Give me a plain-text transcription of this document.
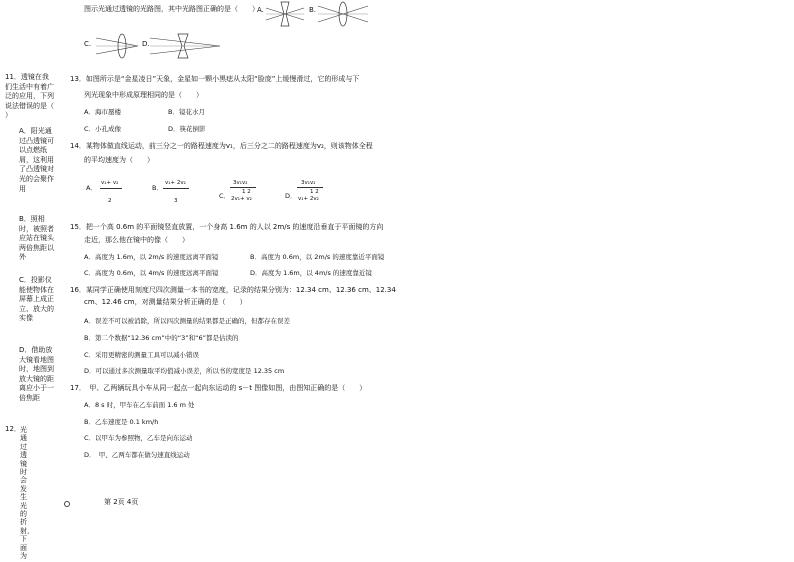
图示光通过透镜的光路图，其中光路图正确的是（　　）
A.	B.
C.	D.
11．透镜在我们生活中有着广泛的应用，下列说法错误的是（　　）
A．阳光通过凸透镜可以点燃纸屑，这利用了凸透镜对光的会聚作用
B．照相时，被照者应站在镜头两倍焦距以外
C．投影仪能使物体在屏幕上成正立、放大的实像
D．借助放大镜看地图时，地图到放大镜的距离应小于一倍焦距
12． 光通过透镜时会发生光的折射，下面为
13．如图所示是“金星凌日”天象，金星如一颗小黑痣从太阳“脸庞”上缓慢滑过，它的形成与下
列光现象中形成原理相同的是（　　）
A．海市蜃楼	B．镜花水月
C．小孔成像	D．筷花倒影
14．某物体做直线运动，前三分之一的路程速度为v₁，后三分之二的路程速度为v₂，则该物体全程
的平均速度为（　　）
A．
v₁+ v₂
2
B．
v₁+ 2v₂
3
C．
3v₁v₂
1 2
2v₁+ v₂	D．
3v₁v₂
1 2
v₁+ 2v₂
15．把一个高 0.6m 的平面镜竖直放置，一个身高 1.6m 的人以 2m/s 的速度沿垂直于平面镜的方向
走近，那么他在镜中的像（　　）
A．高度为 1.6m，以 2m/s 的速度远离平面镜	B．高度为 0.6m，以 2m/s 的速度靠近平面镜
C．高度为 0.6m，以 4m/s 的速度远离平面镜	D．高度为 1.6m，以 4m/s 的速度靠近镜
16．某同学正确使用刻度尺四次测量一本书的宽度，记录的结果分别为：12.34 cm、12.36 cm、12.34
cm、12.46 cm，对测量结果分析正确的是（　　）
A．误差不可以被消除，所以四次测量的结果都是正确的，但都存在误差
B．第二个数据“12.36 cm”中的“3”和“6”都是估读的
C．采用更精密的测量工具可以减小错误
D．可以通过多次测量取平均值减小误差，所以书的宽度是 12.35 cm
17．　甲、乙两辆玩具小车从同一起点一起向东运动的 s－t 图像如图，由图知正确的是（　　）
A．8 s 时，甲车在乙车前面 1.6 m 处
B．乙车速度是 0.1 km/h
C．以甲车为参照物，乙车是向东运动
D．　甲、乙两车都在做匀速直线运动
第 2页 4页
